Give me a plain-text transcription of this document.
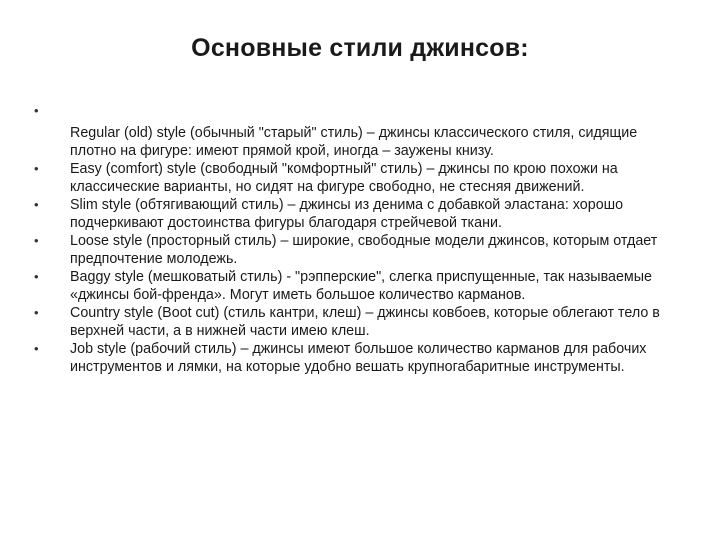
Основные стили джинсов:
•
Regular (old) style (обычный "старый" стиль) – джинсы классического стиля, сидящие плотно на фигуре: имеют прямой крой, иногда – заужены книзу.
•	Easy (comfort) style (свободный "комфортный" стиль) – джинсы по крою похожи на классические варианты, но сидят на фигуре свободно, не стесняя движений.
•	Slim style (обтягивающий стиль) – джинсы из денима с добавкой эластана: хорошо подчеркивают достоинства фигуры благодаря стрейчевой ткани.
•	Loose style (просторный стиль) – широкие, свободные модели джинсов, которым отдает предпочтение молодежь.
•	Baggy style (мешковатый стиль) - "рэпперские", слегка приспущенные, так называемые «джинсы бой-френда». Могут иметь большое количество карманов.
•	Country style (Boot cut) (стиль кантри, клеш) – джинсы ковбоев, которые облегают тело в верхней части, а в нижней части имею клеш.
•	Job style (рабочий стиль) – джинсы имеют большое количество карманов для рабочих инструментов и лямки, на которые удобно вешать крупногабаритные инструменты.
